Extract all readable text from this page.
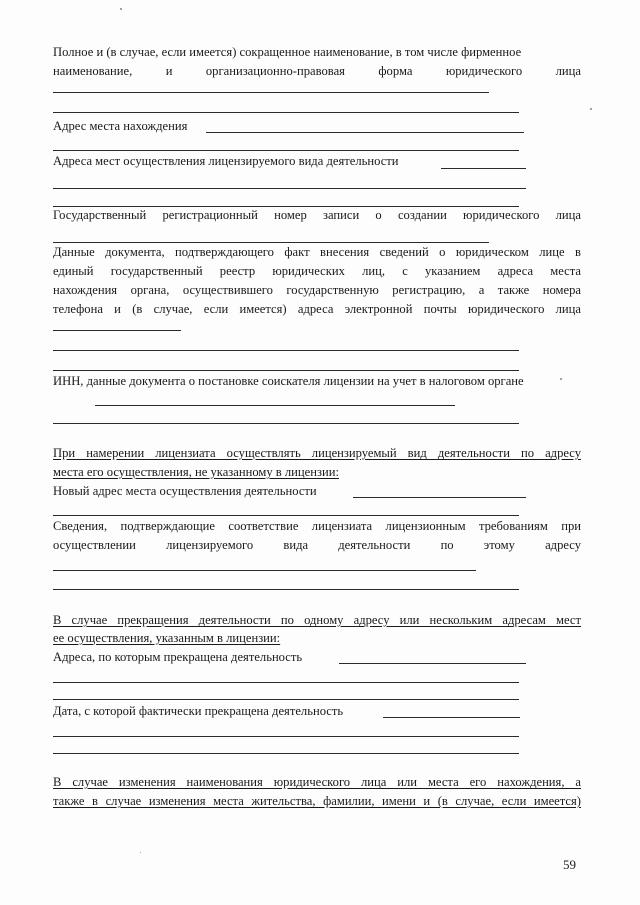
Полное и (в случае, если имеется) сокращенное наименование, в том числе фирменное
наименование, и организационно-правовая форма юридического лица
Адрес места нахождения
Адреса мест осуществления лицензируемого вида деятельности
Государственный регистрационный номер записи о создании юридического лица
Данные документа, подтверждающего факт внесения сведений о юридическом лице в
единый государственный реестр юридических лиц, с указанием адреса места
нахождения органа, осуществившего государственную регистрацию, а также номера
телефона и (в случае, если имеется) адреса электронной почты юридического лица
ИНН, данные документа о постановке соискателя лицензии на учет в налоговом органе
При намерении лицензиата осуществлять лицензируемый вид деятельности по адресу
места его осуществления, не указанному в лицензии:
Новый адрес места осуществления деятельности
Сведения, подтверждающие соответствие лицензиата лицензионным требованиям при
осуществлении лицензируемого вида деятельности по этому адресу
В случае прекращения деятельности по одному адресу или нескольким адресам мест
ее осуществления, указанным в лицензии:
Адреса, по которым прекращена деятельность
Дата, с которой фактически прекращена деятельность
В случае изменения наименования юридического лица или места его нахождения, а
также в случае изменения места жительства, фамилии, имени и (в случае, если имеется)
59
